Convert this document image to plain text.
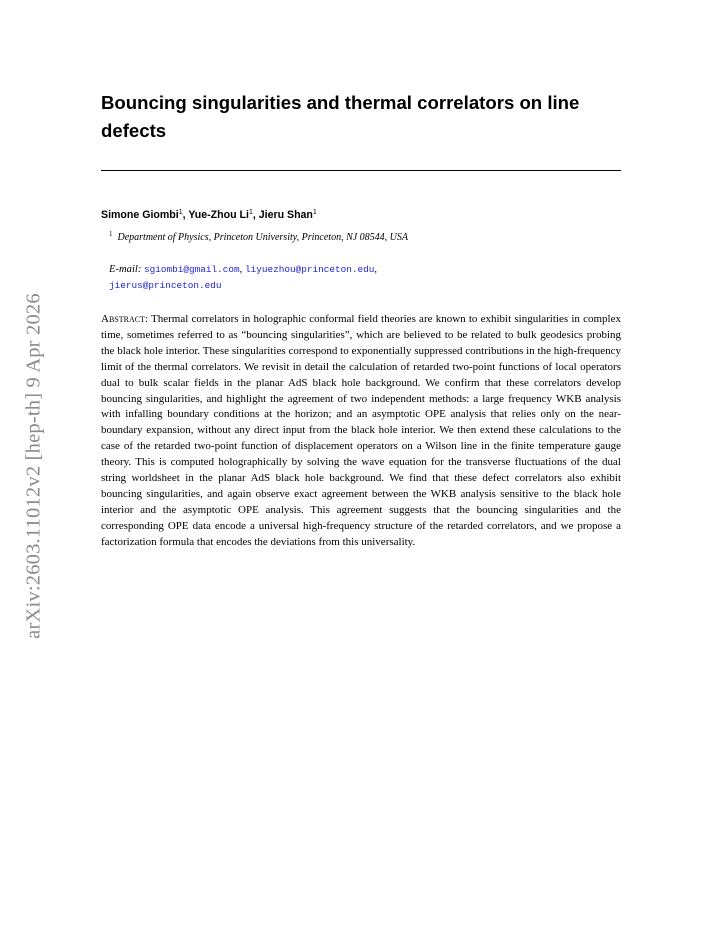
arXiv:2603.11012v2 [hep-th] 9 Apr 2026
Bouncing singularities and thermal correlators on line defects
Simone Giombi$^1$, Yue-Zhou Li$^1$, Jieru Shan$^1$
$^1$ Department of Physics, Princeton University, Princeton, NJ 08544, USA
E-mail: sgiombi@gmail.com, liyuezhou@princeton.edu,
jierus@princeton.edu

Abstract: Thermal correlators in holographic conformal field theories are known to exhibit singularities in complex time, sometimes referred to as “bouncing singularities”, which are believed to be related to bulk geodesics probing the black hole interior. These singularities correspond to exponentially suppressed contributions in the high-frequency limit of the thermal correlators. We revisit in detail the calculation of retarded two-point functions of local operators dual to bulk scalar fields in the planar AdS black hole background. We confirm that these correlators develop bouncing singularities, and highlight the agreement of two independent methods: a large frequency WKB analysis with infalling boundary conditions at the horizon; and an asymptotic OPE analysis that relies only on the near-boundary expansion, without any direct input from the black hole interior. We then extend these calculations to the case of the retarded two-point function of displacement operators on a Wilson line in the finite temperature gauge theory. This is computed holographically by solving the wave equation for the transverse fluctuations of the dual string worldsheet in the planar AdS black hole background. We find that these defect correlators also exhibit bouncing singularities, and again observe exact agreement between the WKB analysis sensitive to the black hole interior and the asymptotic OPE analysis. This agreement suggests that the bouncing singularities and the corresponding OPE data encode a universal high-frequency structure of the retarded correlators, and we propose a factorization formula that encodes the deviations from this universality.
